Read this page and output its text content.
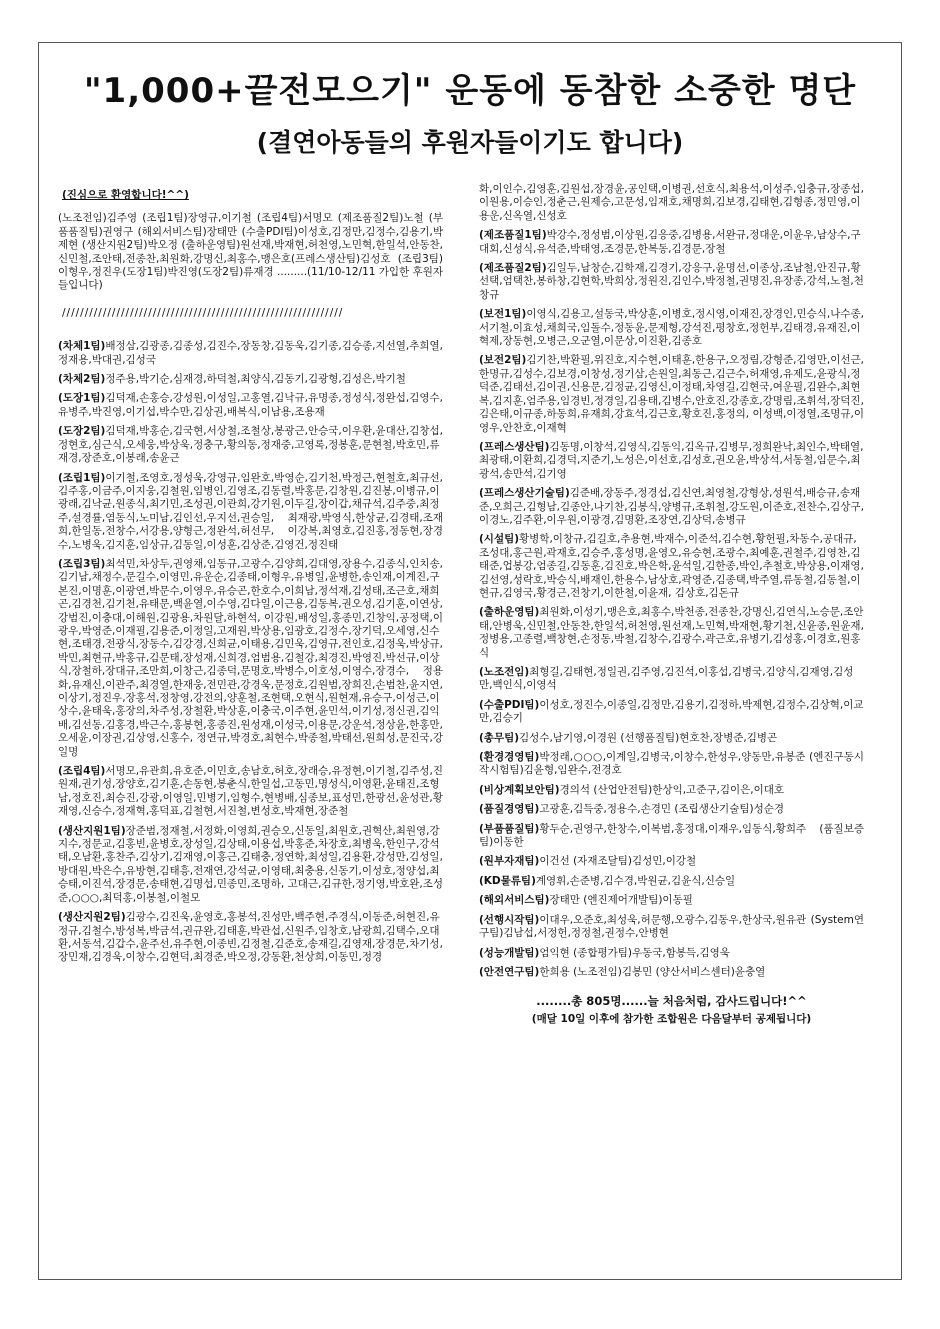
"1,000+끝전모으기" 운동에 동참한 소중한 명단
(결연아동들의 후원자들이기도 합니다)
(진심으로 환영합니다!^^)
(노조전임)김주영 (조립1팀)장영규,이기철 (조립4팀)서명모 (제조품질2팀)노철 (부품품질팀)권영구 (해외서비스팀)장태만 (수출PDI팀)이성호,김정만,김정수,김용기,박제현 (생산지원2팀)박오정 (출하운영팀)원선재,박재현,허천영,노민혁,한일석,안동찬,신민철,조안태,전종찬,최원화,강명신,최홍수,맹은호(프레스생산팀)김성호 (조립3팀)이형우,정진우(도장1팀)박진영(도장2팀)류재경 .........(11/10-12/11 가입한 후원자들입니다)
//////////////////////////////////////////////////////////////
(차체1팀)배정삼,김광종,김종성,김진수,장동창,김동욱,김기종,김승종,지선열,추희열,정재용,박대권,김성국
(차체2팀)정주용,박기순,심재경,하덕철,최양식,김동기,김광형,김성은,박기철
(도장1팀)김덕재,손홍승,강성원,이성일,고홍열,김낙규,유명종,정성식,정완섭,김영수,유병주,박진영,이기섭,박수만,김상권,배복식,이남용,조용재
(도장2팀)김덕재,박홍순,김국현,서상철,조철상,봉광근,안승국,이우환,윤대산,김창섭,정현호,심근식,오세웅,박상욱,정충구,황의동,정재중,고영록,정봉훈,문현철,박호민,류재경,장준호,이봉래,송윤근
(조립1팀)이기철,조영호,정성욱,강영규,임완호,박영순,김기천,박정근,현철호,최규선,김주홍,이금주,이지웅,김철원,임병인,김영조,김동렬,박홍문,김창원,김진봉,이병규,이광래,김낙균,원종식,최기민,조성권,이관희,강기원,이두길,장이갑,채규석,김주중,최정주,설경률,염동식,노미남,김인선,우지선,권승일, 최재광,박영식,한상균,김경태,조재희,한일동,전창수,서강용,양형근,정완석,허선무, 이강복,최영호,김진홍,정동현,장경수,노병욱,김지훈,임상규,김동일,이성훈,김상준,김영건,정진태
(조립3팀)최석민,차상두,권영채,임동규,고광수,김양희,김대영,장용수,김종식,인치송,김기남,채정수,문길수,이영민,유운순,김종태,이형우,유병일,윤병한,송인재,이계진,구본진,이명훈,이광연,박문수,이영우,유승곤,한호수,이희남,정석재,김성태,조근호,채희곤,김경천,김기천,유태문,백윤열,이수영,김다일,이근용,김동복,권오성,김기훈,이연상,강범진,이충대,이해원,김광용,차원달,하현석, 이강원,배성일,홍종민,긴창익,공정택,이광우,박영준,이재필,김용준,이정일,고재원,박상용,임광호,김정수,장기덕,오세영,신수현,조태경,전광식,장동수,김강경,신희균,이태용,김민욱,김영규,전인호,김정욱,박상규,박민,최현규,박홍규,김문태,장성재,신희경,엄범용,김철강,최경진,박영진,박선규,이상식,장철하,장대규,조만희,이창근,김종덕,문명호,박병수,이호성,이영수,장경수, 정용화,유재신,이관주,최경열,한재웅,전민관,강경욱,문정호,김원범,장희진,손범찬,윤지연,이상기,정진우,장홍석,정창영,강전의,양훈철,조현택,오현식,원현재,유승구,이성근,이상수,윤태욱,홍장의,차주성,장철환,박상훈,이충국,이주현,윤민석,이기성,정신권,김익배,김선동,김홍경,박근수,홍봉현,홍종진,원성재,이성국,이용문,강운석,정상윤,한홍만,오세윤,이장권,김상영,신홍수, 정연규,박경호,최현수,박종철,박태선,원희성,문진국,강일명
(조립4팀)서명모,유관희,유호준,이민호,송남호,허호,장래승,유정현,이기철,김주성,진원재,권기성,장양호,김기훈,손동현,봉춘식,한일섭,고동민,명성식,이영환,윤태진,조형남,정호진,최승진,강광,이영일,민병기,임형수,현병배,심종보,표성민,한광선,윤성관,황재영,신승수,정재혁,홍덕표,김철현,서진철,변성호,박재현,장준철
(생산지원1팀)장준범,정재철,서정화,이영희,권승오,신동일,최원호,권혁산,최원영,강지수,정문교,김홍빈,윤병호,장성일,김상태,이용섭,박홍준,차장호,최병욱,한인구,강석태,오남환,홍찬주,김상기,김재영,이홍근,김태충,정연학,최성일,김용환,강성만,김성일,방대원,박은수,유방현,김태흥,전재연,강석균,이영태,최충용,신동기,이성호,정양섭,최승태,이진석,장경문,송태현,김명섭,민종민,조명하, 고대근,김규한,정기영,박호완,조성준,○○○,최덕홍,이봉철,이철모
(생산지원2팀)김광수,김진욱,윤영호,홍봉석,진성만,백주현,주경식,이동준,허현진,유정규,김철수,방성복,박금석,권규완,김태훈,박관섭,신원주,임창호,남광희,김택수,오대환,서동석,김갑수,윤주선,유주현,이종빈,김정철,김준호,송재길,김영재,장경문,차기성,장민재,김경욱,이창수,김현덕,최경준,박오정,강동환,천상희,이동민,정경
화,이인수,김영훈,김원섭,장경윤,공인택,이병권,선호식,최용석,이성주,임충규,장종섭,이원용,이승인,정춘근,원제승,고문성,임재호,채명희,김보경,김태현,김형종,정민영,이용운,신옥열,신성호
(제조품질1팀)박강수,정성범,이상원,김응중,김병용,서완규,정대운,이윤우,남상수,구대회,신성식,유석준,박태영,조경문,한복동,김경문,장철
(제조품질2팀)김일두,남창순,김학재,김경기,강응구,윤명선,이종상,조남철,안진규,황선택,엄택찬,봉하창,김현학,박희상,정원진,김인수,박정철,권명진,유장종,강석,노철,천창규
(보전1팀)이영식,김용고,설동국,박상훈,이병호,정시영,이재진,장경인,민승식,나수종,서기철,이효성,채희국,임돌수,정동윤,문제형,강석진,평창호,정헌부,김태경,유재진,이혁제,장동현,오병근,오군열,이문상,이진환,김종호
(보전2팀)김기찬,박환필,위진호,지수현,이태훈,한용구,오정림,강형준,김영만,이선근,한명규,김성수,김보경,이창성,정기삼,손원일,최동근,김근수,허재영,유제도,윤광식,정덕준,김태선,김이권,신용문,김정균,김영신,이정태,차영길,김현국,여운필,김완수,최현복,김지훈,엄주용,임경빈,정경일,김용태,김병수,안호진,강종호,강명림,조휘석,장덕진,김은태,이규종,하동희,유재희,강효석,김근호,황호진,홍정의, 이성백,이정열,조명규,이영우,안찬호,이재혁
(프레스생산팀)김동명,이창석,김영식,김동익,김옥규,김병무,정희완낙,최인수,박태열,최광태,이환희,김경덕,지준기,노성은,이선호,김성호,권오윤,박상석,서동철,임문수,최광석,송만석,김기영
(프레스생산기술팀)김준배,장동주,정경섭,김신연,최영철,강형상,성원석,배승규,송재준,오희근,김형남,김종안,나기찬,김봉식,양병규,조휘철,강도원,이준호,전찬수,김상구,이경노,김주환,이우원,이광경,김명환,조장연,김상덕,송병규
(시설팀)황병학,이창규,김길호,추용현,박재수,이준석,김수현,황헌필,차동수,공대규,조성대,홍근원,곽재호,김승주,홍성명,윤영오,유승현,조광수,최예훈,권철주,김영찬,김태준,업봉강,엄종길,김동훈,김진호,박은학,윤석일,김한종,박인,추철호,박상용,이재영,김선영,성락호,박승식,배재인,한용수,남상호,곽영준,김종택,박주열,류동철,김동철,이현규,김영국,황경근,전창기,이한철,이윤재, 김상호,김돈규
(출하운영팀)최원화,이성기,맹은호,최홍수,박천종,전종찬,강명신,김연식,노승문,조안태,안병욱,신민철,안동찬,한일석,허천영,원선재,노민혁,박재현,황기천,신윤종,원윤재,정병용,고종렬,백창현,손정동,박철,김창수,김광수,곽근호,유병기,김성홍,이경호,원홍식
(노조전임)최형길,김태현,정일권,김주영,김진석,이홍섭,김병국,김양식,김재영,김성만,백인식,이영석
(수출PDI팀)이성호,정진수,이종일,김정만,김용기,김정하,박제현,김정수,김상혁,이교만,김승기
(총무팀)김성수,남기영,이경원 (선행품질팀)현호찬,장병준,김병곤
(환경경영팀)박정래,○○○,이계일,김병국,이창수,한성우,양동만,유봉준 (엔진구동시작시험팀)김윤형,임완수,전경호
(비상계획보안팀)경의석 (산업안전팀)한상익,고준구,김이은,이대호
(품질경영팀)고광훈,김득중,정용수,손경민 (조립생산기술팀)성순경
(부품품질팀)황두순,권영구,한창수,이복범,홍정대,이재우,임동식,황희주 (품질보증팀)이동한
(원부자재팀)이건선 (자재조달팀)김성민,이강철
(KD물류팀)계영휘,손준병,김수경,박원균,김윤식,신승일
(해외서비스팀)장태만 (엔진제어개발팀)이동필
(선행시작팀)이대우,오준호,최성욱,허문행,오광수,김동우,한상국,원유관 (System연구팀)김남섭,서정헌,정정철,권정수,안병현
(성능개발팀)엄익현 (종합평가팀)우동국,함봉득,김영욱
(안전연구팀)한희용 (노조전임)김봉민 (양산서비스센터)윤충열
........총 805명......늘 처음처럼, 감사드립니다!^^
(매달 10일 이후에 참가한 조합원은 다음달부터 공제됩니다)
